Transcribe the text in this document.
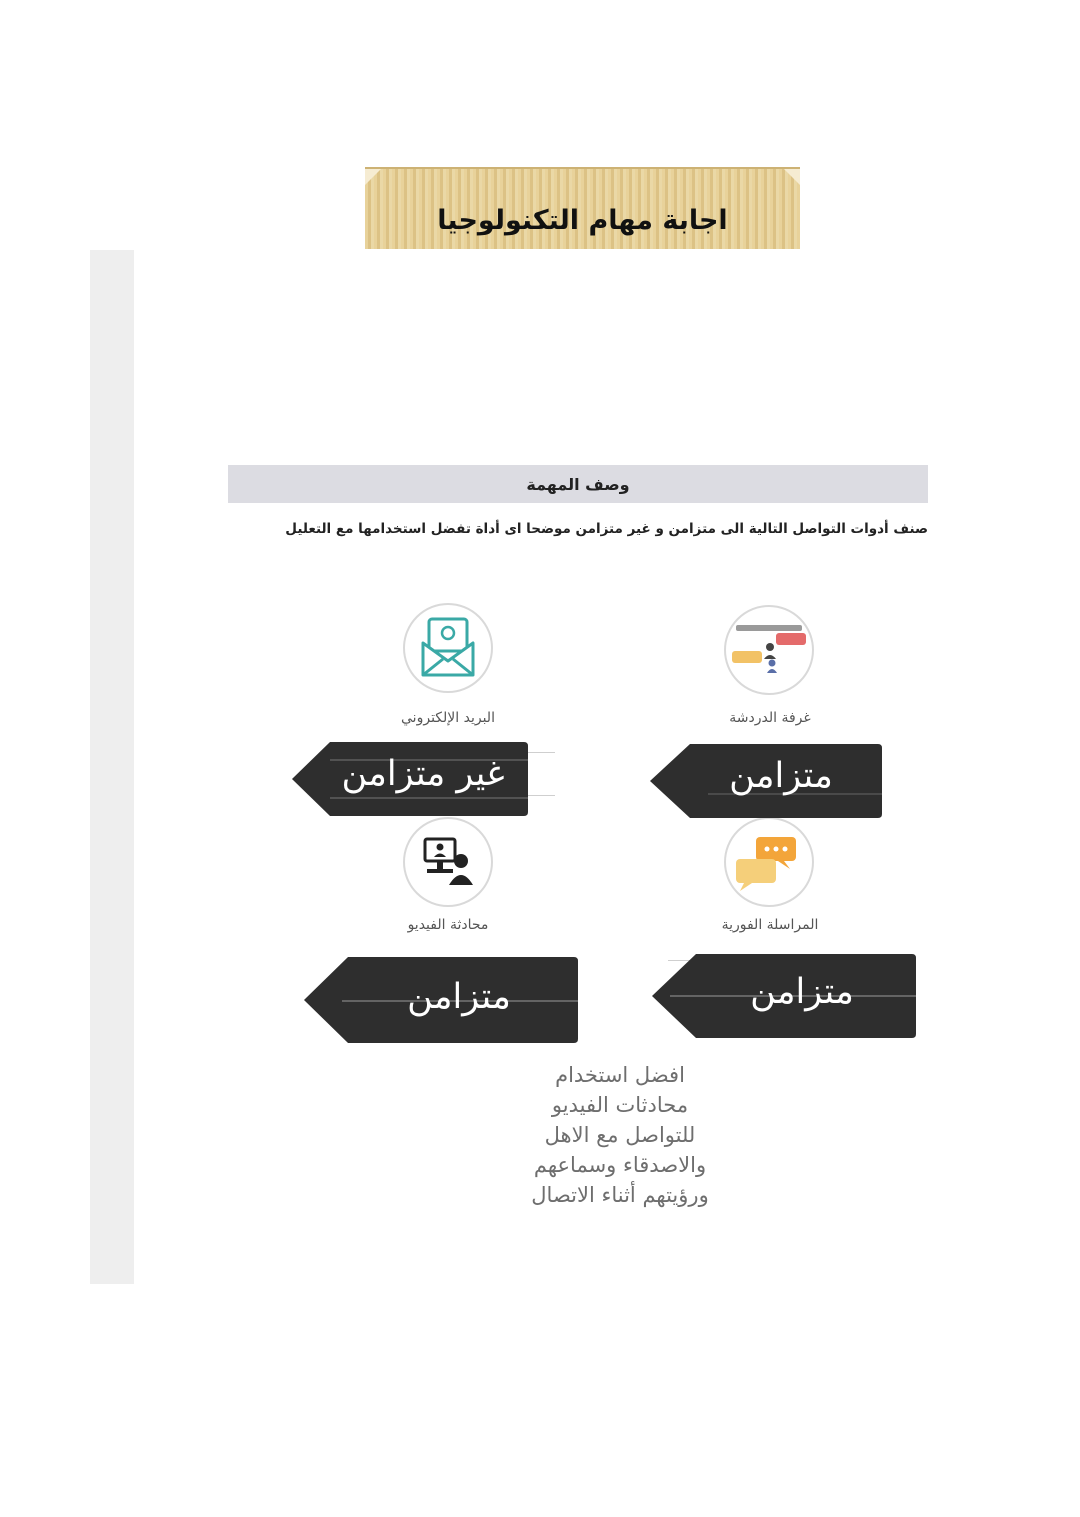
اجابة مهام التكنولوجيا
وصف المهمة
صنف أدوات التواصل التالية الى متزامن و غير متزامن موضحا اى أداة تفضل استخدامها مع التعليل
البريد الإلكتروني	غرفة الدردشة
محادثة الفيديو	المراسلة الفورية
غير متزامن	متزامن
متزامن	متزامن
افضل استخدام
محادثات الفيديو
للتواصل مع الاهل
والاصدقاء وسماعهم
ورؤيتهم أثناء الاتصال
